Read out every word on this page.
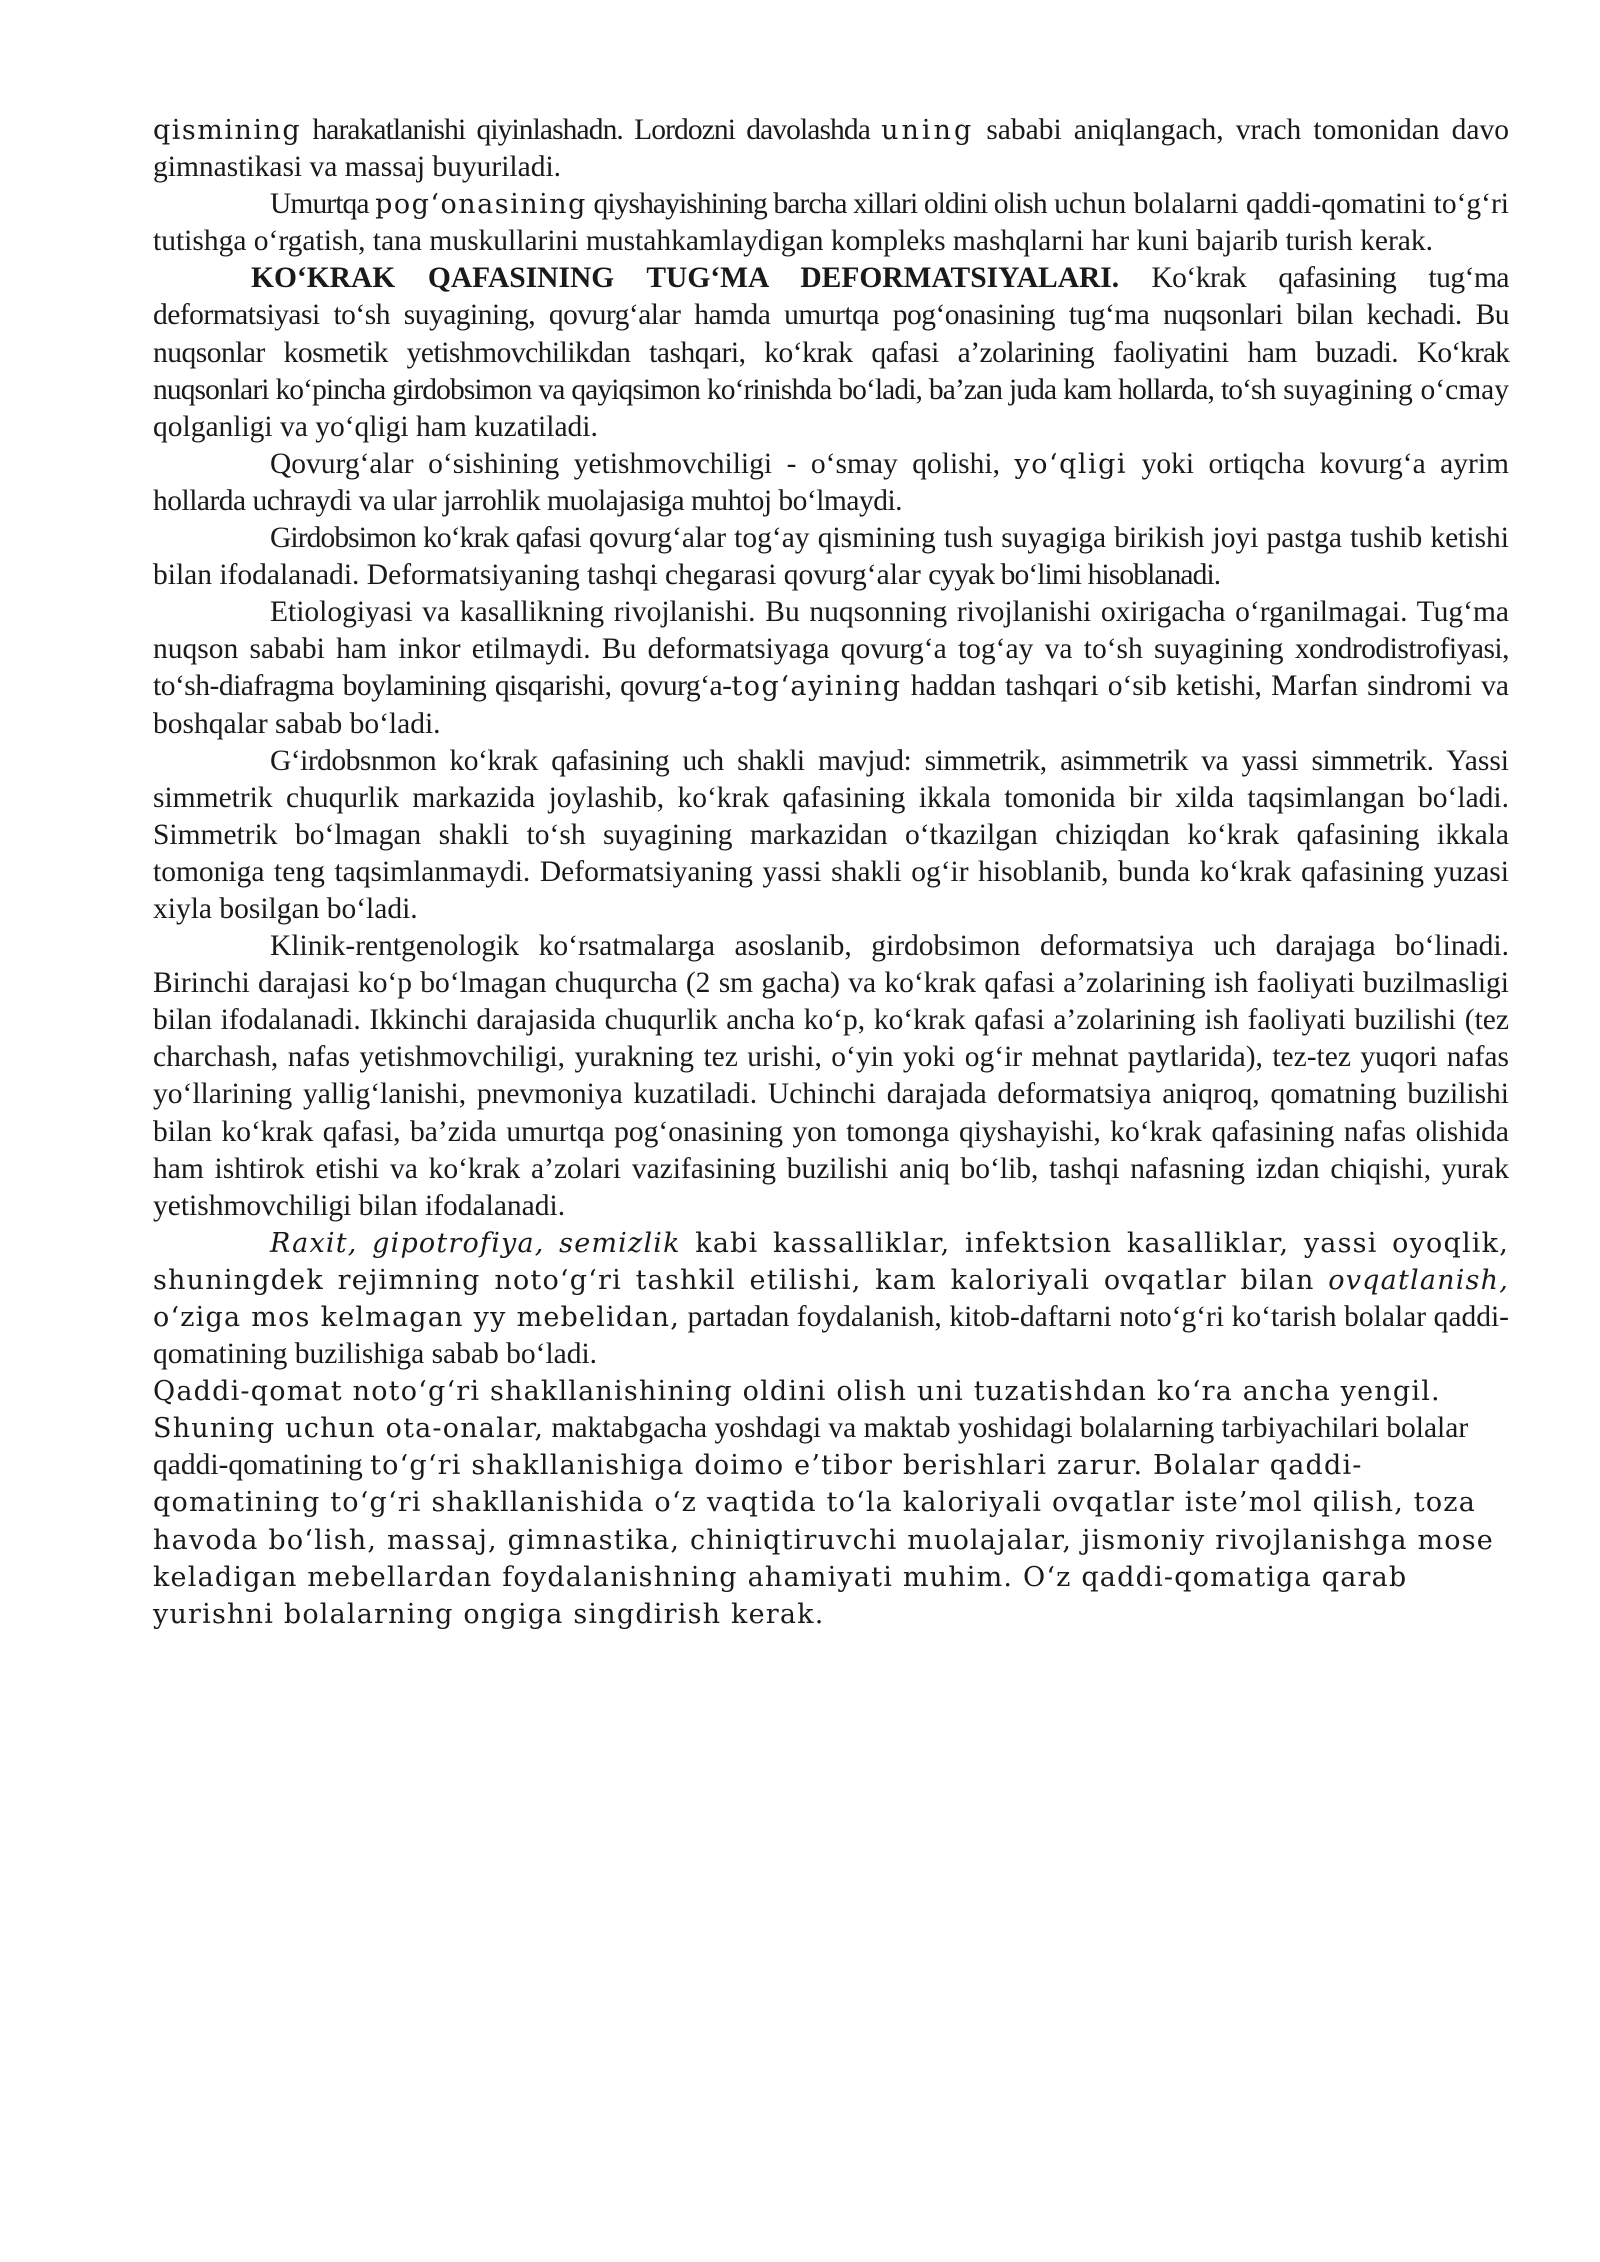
qismining harakatlanishi qiyinlashadn. Lordozni davolashda uning sababi aniqlangach, vrach tomonidan davo gimnastikasi va massaj buyuriladi.

Umurtqa pog‘onasining qiyshayishining barcha xillari oldini olish uchun bolalarni qaddi-qomatini to‘g‘ri tutishga o‘rgatish, tana muskullarini mustahkamlaydigan kompleks mashqlarni har kuni bajarib turish kerak.

KO‘KRAK QAFASINING TUG‘MA DEFORMATSIYALARI. Ko‘krak qafasining tug‘ma deformatsiyasi to‘sh suyagining, qovurg‘alar hamda umurtqa pog‘onasining tug‘ma nuqsonlari bilan kechadi. Bu nuqsonlar kosmetik yetishmovchilikdan tashqari, ko‘krak qafasi a’zolarining faoliyatini ham buzadi. Ko‘krak nuqsonlari ko‘pincha girdobsimon va qayiqsimon ko‘rinishda bo‘ladi, ba’zan juda kam hollarda, to‘sh suyagining o‘cmay qolganligi va yo‘qligi ham kuzatiladi.

Qovurg‘alar o‘sishining yetishmovchiligi - o‘smay qolishi, yo‘qligi yoki ortiqcha kovurg‘a ayrim hollarda uchraydi va ular jarrohlik muolajasiga muhtoj bo‘lmaydi.

Girdobsimon ko‘krak qafasi qovurg‘alar tog‘ay qismining tush suyagiga birikish joyi pastga tushib ketishi bilan ifodalanadi. Deformatsiyaning tashqi chegarasi qovurg‘alar cyyak bo‘limi hisoblanadi.

Etiologiyasi va kasallikning rivojlanishi. Bu nuqsonning rivojlanishi oxirigacha o‘rganilmagai. Tug‘ma nuqson sababi ham inkor etilmaydi. Bu deformatsiyaga qovurg‘a tog‘ay va to‘sh suyagining xondrodistrofiyasi, to‘sh-diafragma boylamining qisqarishi, qovurg‘a-tog‘ayining haddan tashqari o‘sib ketishi, Marfan sindromi va boshqalar sabab bo‘ladi.

G‘irdobsnmon ko‘krak qafasining uch shakli mavjud: simmetrik, asimmetrik va yassi simmetrik. Yassi simmetrik chuqurlik markazida joylashib, ko‘krak qafasining ikkala tomonida bir xilda taqsimlangan bo‘ladi. Simmetrik bo‘lmagan shakli to‘sh suyagining markazidan o‘tkazilgan chiziqdan ko‘krak qafasining ikkala tomoniga teng taqsimlanmaydi. Deformatsiyaning yassi shakli og‘ir hisoblanib, bunda ko‘krak qafasining yuzasi xiyla bosilgan bo‘ladi.

Klinik-rentgenologik ko‘rsatmalarga asoslanib, girdobsimon deformatsiya uch darajaga bo‘linadi. Birinchi darajasi ko‘p bo‘lmagan chuqurcha (2 sm gacha) va ko‘krak qafasi a’zolarining ish faoliyati buzilmasligi bilan ifodalanadi. Ikkinchi darajasida chuqurlik ancha ko‘p, ko‘krak qafasi a’zolarining ish faoliyati buzilishi (tez charchash, nafas yetishmovchiligi, yurakning tez urishi, o‘yin yoki og‘ir mehnat paytlarida), tez-tez yuqori nafas yo‘llarining yallig‘lanishi, pnevmoniya kuzatiladi. Uchinchi darajada deformatsiya aniqroq, qomatning buzilishi bilan ko‘krak qafasi, ba’zida umurtqa pog‘onasining yon tomonga qiyshayishi, ko‘krak qafasining nafas olishida ham ishtirok etishi va ko‘krak a’zolari vazifasining buzilishi aniq bo‘lib, tashqi nafasning izdan chiqishi, yurak yetishmovchiligi bilan ifodalanadi.

Raxit, gipotrofiya, semizlik kabi kassalliklar, infektsion kasalliklar, yassi oyoqlik, shuningdek rejimning noto‘g‘ri tashkil etilishi, kam kaloriyali ovqatlar bilan ovqatlanish, o‘ziga mos kelmagan yy mebelidan, partadan foydalanish, kitob-daftarni noto‘g‘ri ko‘tarish bolalar qaddi-qomatining buzilishiga sabab bo‘ladi.

Qaddi-qomat noto‘g‘ri shakllanishining oldini olish uni tuzatishdan ko‘ra ancha yengil. Shuning uchun ota-onalar, maktabgacha yoshdagi va maktab yoshidagi bolalarning tarbiyachilari bolalar qaddi-qomatining to‘g‘ri shakllanishiga doimo e’tibor berishlari zarur. Bolalar qaddi-qomatining to‘g‘ri shakllanishida o‘z vaqtida to‘la kaloriyali ovqatlar iste’mol qilish, toza havoda bo‘lish, massaj, gimnastika, chiniqtiruvchi muolajalar, jismoniy rivojlanishga mose keladigan mebellardan foydalanishning ahamiyati muhim. O‘z qaddi-qomatiga qarab yurishni bolalarning ongiga singdirish kerak.
